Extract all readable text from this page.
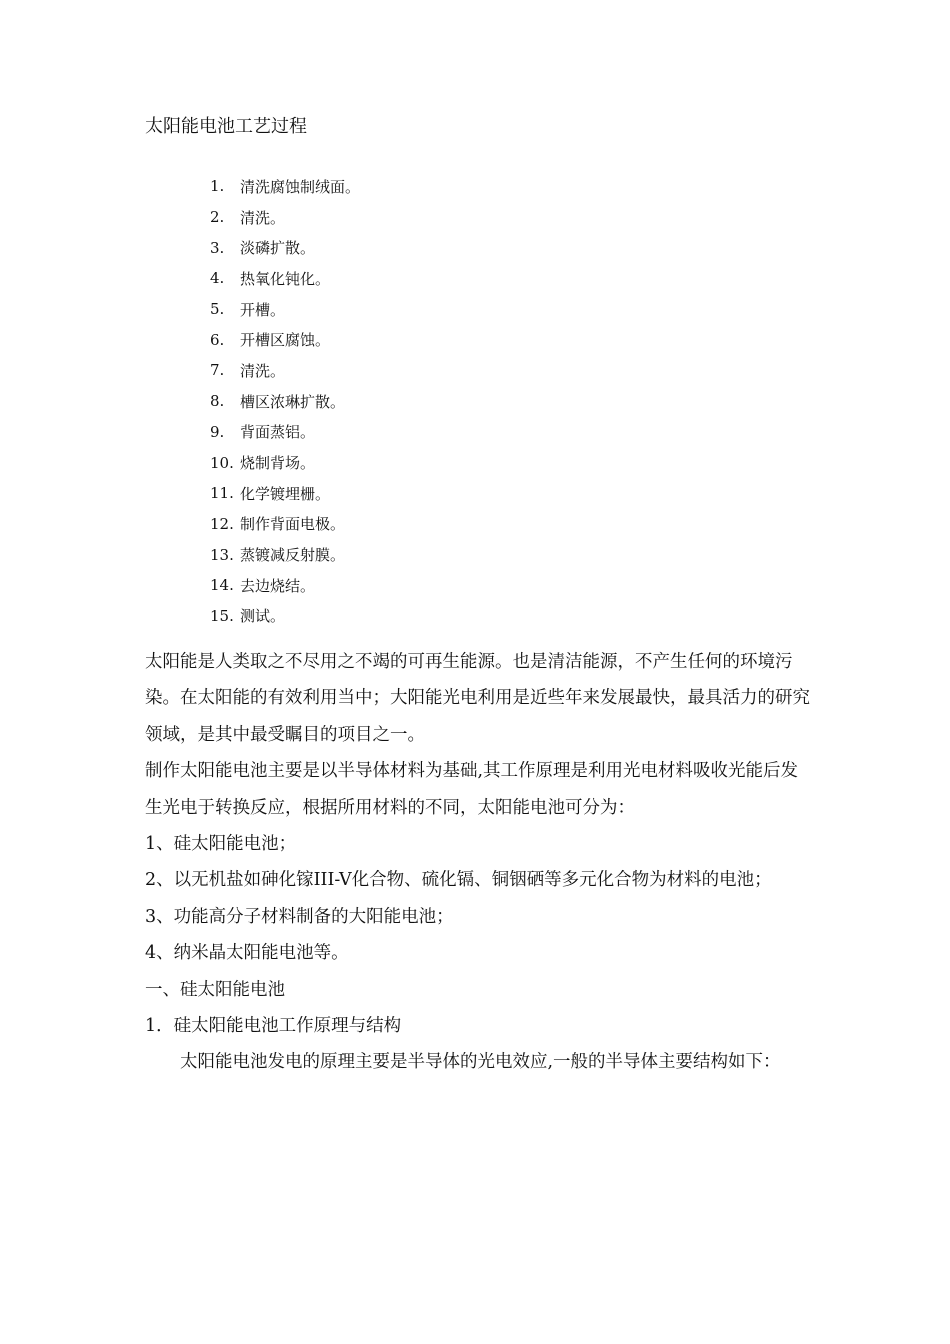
太阳能电池工艺过程
1.	清洗腐蚀制绒面。
2.	清洗。
3.	淡磷扩散。
4.	热氧化钝化。
5.	开槽。
6.	开槽区腐蚀。
7.	清洗。
8.	槽区浓琳扩散。
9.	背面蒸铝。
10. 烧制背场。
11. 化学镀埋栅。
12. 制作背面电极。
13. 蒸镀减反射膜。
14. 去边烧结。
15. 测试。

太阳能是人类取之不尽用之不竭的可再生能源。也是清洁能源，不产生任何的环境污染。在太阳能的有效利用当中；大阳能光电利用是近些年来发展最快，最具活力的研究领域，是其中最受瞩目的项目之一。

制作太阳能电池主要是以半导体材料为基础,其工作原理是利用光电材料吸收光能后发生光电于转换反应，根据所用材料的不同，太阳能电池可分为：

1、硅太阳能电池；

2、以无机盐如砷化镓III-V化合物、硫化镉、铜铟硒等多元化合物为材料的电池；

3、功能高分子材料制备的大阳能电池；

4、纳米晶太阳能电池等。

一、硅太阳能电池

1．硅太阳能电池工作原理与结构

太阳能电池发电的原理主要是半导体的光电效应,一般的半导体主要结构如下：
